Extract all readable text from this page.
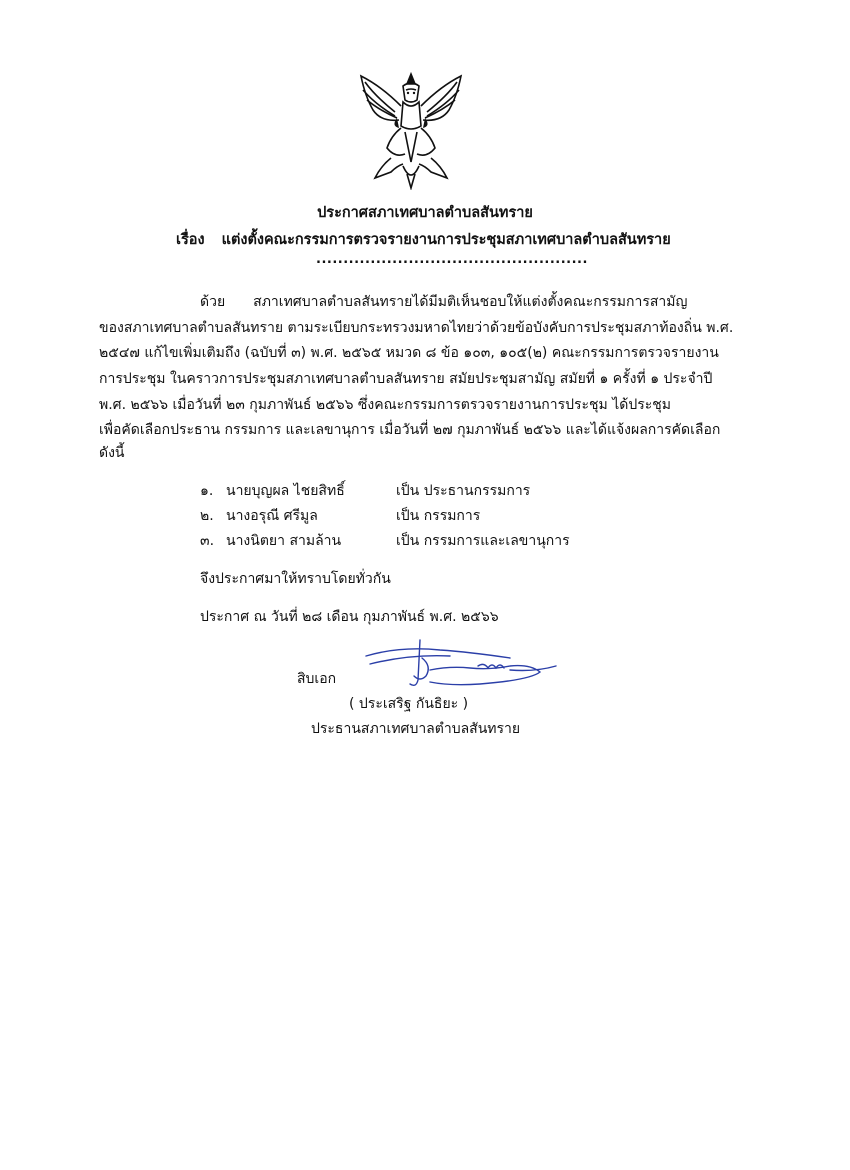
ประกาศสภาเทศบาลตำบลสันทราย
เรื่อง แต่งตั้งคณะกรรมการตรวจรายงานการประชุมสภาเทศบาลตำบลสันทราย
..................................................
ด้วย สภาเทศบาลตำบลสันทรายได้มีมติเห็นชอบให้แต่งตั้งคณะกรรมการสามัญ
ของสภาเทศบาลตำบลสันทราย ตามระเบียบกระทรวงมหาดไทยว่าด้วยข้อบังคับการประชุมสภาท้องถิ่น พ.ศ.
๒๕๔๗ แก้ไขเพิ่มเติมถึง (ฉบับที่ ๓) พ.ศ. ๒๕๖๕ หมวด ๘ ข้อ ๑๐๓, ๑๐๕(๒) คณะกรรมการตรวจรายงาน
การประชุม ในคราวการประชุมสภาเทศบาลตำบลสันทราย สมัยประชุมสามัญ สมัยที่ ๑ ครั้งที่ ๑ ประจำปี
พ.ศ. ๒๕๖๖ เมื่อวันที่ ๒๓ กุมภาพันธ์ ๒๕๖๖ ซึ่งคณะกรรมการตรวจรายงานการประชุม ได้ประชุม
เพื่อคัดเลือกประธาน กรรมการ และเลขานุการ เมื่อวันที่ ๒๗ กุมภาพันธ์ ๒๕๖๖ และได้แจ้งผลการคัดเลือก
ดังนี้
๑. นายบุญผล ไชยสิทธิ์	เป็น ประธานกรรมการ
๒. นางอรุณี ศรีมูล	เป็น กรรมการ
๓. นางนิตยา สามล้าน	เป็น กรรมการและเลขานุการ
จึงประกาศมาให้ทราบโดยทั่วกัน
ประกาศ ณ วันที่ ๒๘ เดือน กุมภาพันธ์ พ.ศ. ๒๕๖๖
สิบเอก
( ประเสริฐ กันธิยะ )
ประธานสภาเทศบาลตำบลสันทราย
